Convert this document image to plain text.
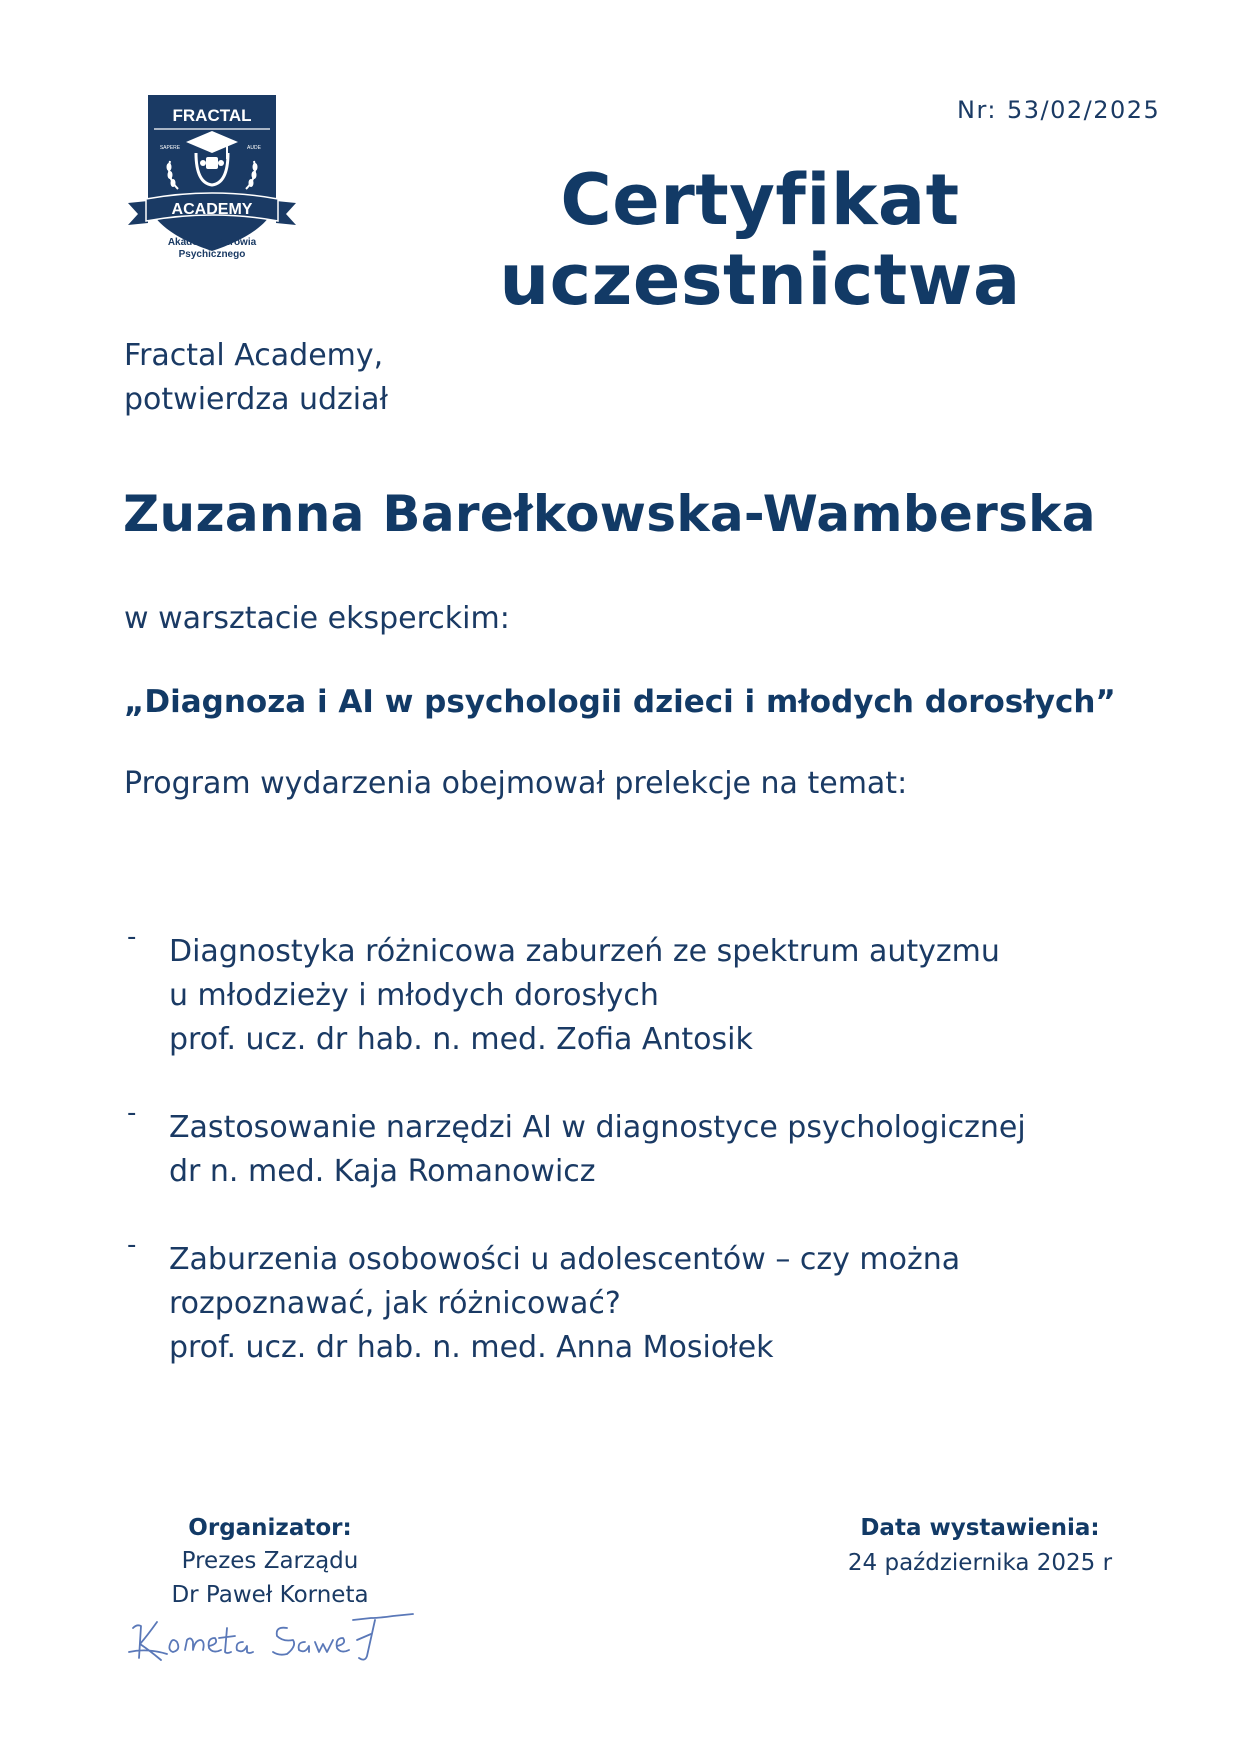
FRACTAL
SAPERE	AUDE
ACADEMY
Akademia Zdrowia
Psychicznego
Nr: 53/02/2025
Certyfikat
uczestnictwa
Fractal Academy,
potwierdza udział
Zuzanna Barełkowska-Wamberska
w warsztacie eksperckim:
„Diagnoza i AI w psychologii dzieci i młodych dorosłych”
Program wydarzenia obejmował prelekcje na temat:
- Diagnostyka różnicowa zaburzeń ze spektrum autyzmu
u młodzieży i młodych dorosłych
prof. ucz. dr hab. n. med. Zofia Antosik
- Zastosowanie narzędzi AI w diagnostyce psychologicznej
dr n. med. Kaja Romanowicz
- Zaburzenia osobowości u adolescentów – czy można
rozpoznawać, jak różnicować?
prof. ucz. dr hab. n. med. Anna Mosiołek
Organizator:
Prezes Zarządu
Dr Paweł Korneta
Data wystawienia:
24 października 2025 r
